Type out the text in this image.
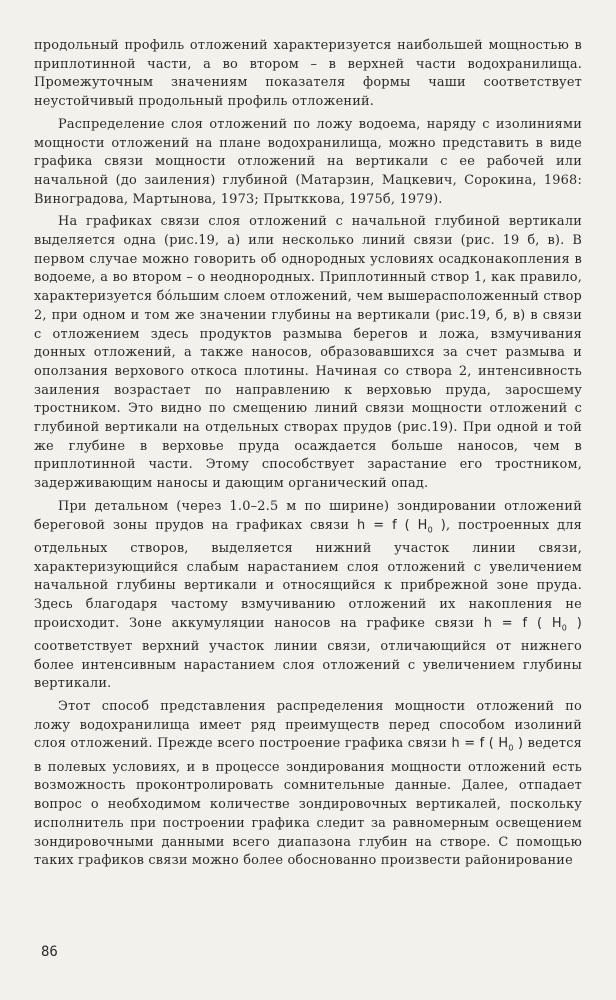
продольный профиль отложений характеризуется наибольшей мощностью в приплотинной части, а во втором – в верхней части водохранилища. Промежуточным значениям показателя формы чаши соответствует неустойчивый продольный профиль отложений.

Распределение слоя отложений по ложу водоема, наряду с изолиниями мощности отложений на плане водохранилища, можно представить в виде графика связи мощности отложений на вертикали с ее рабочей или начальной (до заиления) глубиной (Матарзин, Мацкевич, Сорокина, 1968: Виноградова, Мартынова, 1973; Прытккова, 1975б, 1979).

На графиках связи слоя отложений с начальной глубиной вертикали выделяется одна (рис.19, а) или несколько линий связи (рис. 19 б, в). В первом случае можно говорить об однородных условиях осадконакопления в водоеме, а во втором – о неоднородных. Приплотинный створ 1, как правило, характеризуется бóльшим слоем отложений, чем вышерасположенный створ 2, при одном и том же значении глубины на вертикали (рис.19, б, в) в связи с отложением здесь продуктов размыва берегов и ложа, взмучивания донных отложений, а также наносов, образовавшихся за счет размыва и оползания верхового откоса плотины. Начиная со створа 2, интенсивность заиления возрастает по направлению к верховью пруда, заросшему тростником. Это видно по смещению линий связи мощности отложений с глубиной вертикали на отдельных створах прудов (рис.19). При одной и той же глубине в верховье пруда осаждается больше наносов, чем в приплотинной части. Этому способствует зарастание его тростником, задерживающим наносы и дающим органический опад.

При детальном (через 1.0–2.5 м по ширине) зондировании отложений береговой зоны прудов на графиках связи h = f ( $H_0$ ), построенных для отдельных створов, выделяется нижний участок линии связи, характеризующийся слабым нарастанием слоя отложений с увеличением начальной глубины вертикали и относящийся к прибрежной зоне пруда. Здесь благодаря частому взмучиванию отложений их накопления не происходит. Зоне аккумуляции наносов на графике связи h = f ( $H_0$ ) соответствует верхний участок линии связи, отличающийся от нижнего более интенсивным нарастанием слоя отложений с увеличением глубины вертикали.

Этот способ представления распределения мощности отложений по ложу водохранилища имеет ряд преимуществ перед способом изолиний слоя отложений. Прежде всего построение графика связи h = f ( $H_0$ ) ведется в полевых условиях, и в процессе зондирования мощности отложений есть возможность проконтролировать сомнительные данные. Далее, отпадает вопрос о необходимом количестве зондировочных вертикалей, поскольку исполнитель при построении графика следит за равномерным освещением зондировочными данными всего диапазона глубин на створе. С помощью таких графиков связи можно более обоснованно произвести районирование

86
